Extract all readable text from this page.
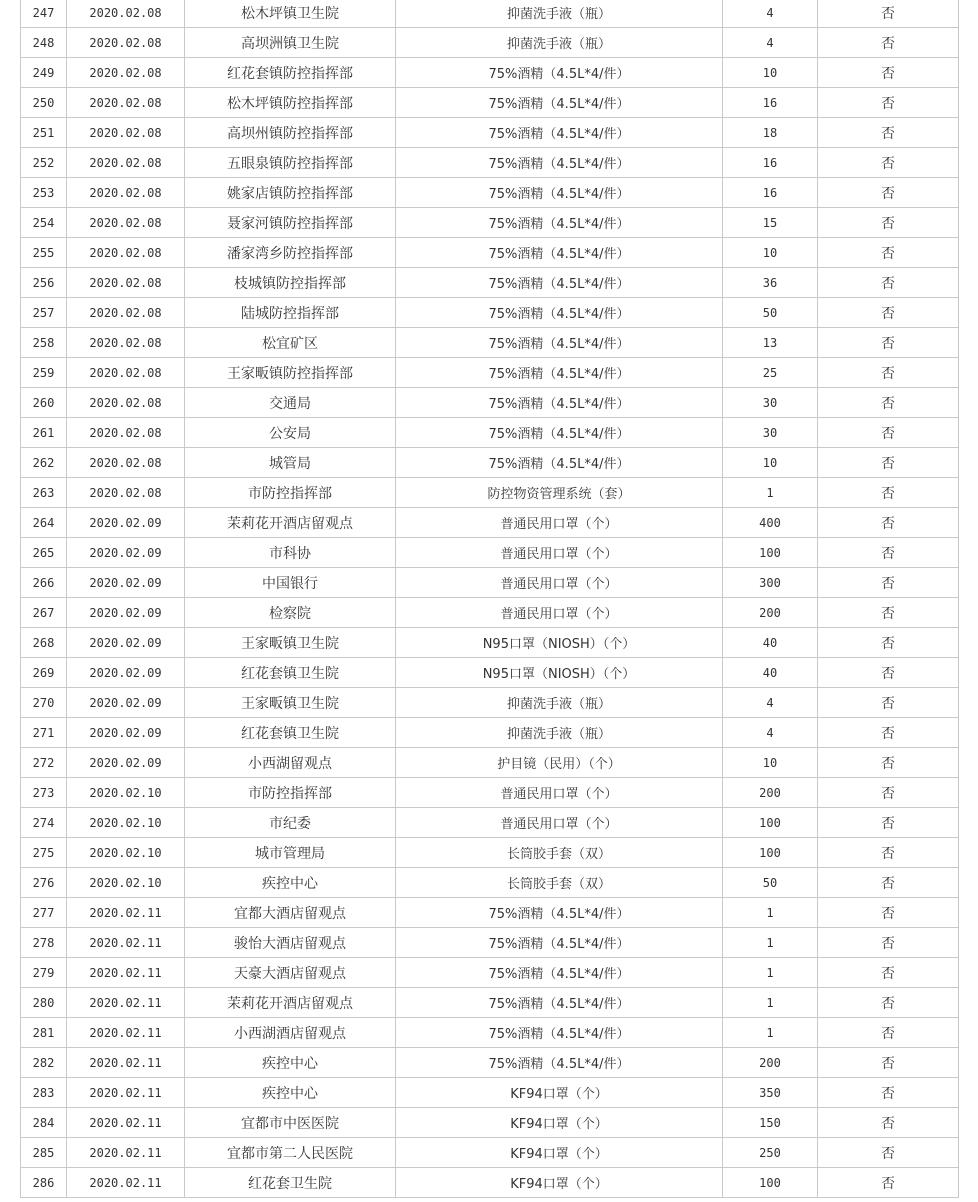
247	2020.02.08	松木坪镇卫生院	抑菌洗手液（瓶）	4	否
248	2020.02.08	高坝洲镇卫生院	抑菌洗手液（瓶）	4	否
249	2020.02.08	红花套镇防控指挥部	75%酒精（4.5L*4/件）	10	否
250	2020.02.08	松木坪镇防控指挥部	75%酒精（4.5L*4/件）	16	否
251	2020.02.08	高坝州镇防控指挥部	75%酒精（4.5L*4/件）	18	否
252	2020.02.08	五眼泉镇防控指挥部	75%酒精（4.5L*4/件）	16	否
253	2020.02.08	姚家店镇防控指挥部	75%酒精（4.5L*4/件）	16	否
254	2020.02.08	聂家河镇防控指挥部	75%酒精（4.5L*4/件）	15	否
255	2020.02.08	潘家湾乡防控指挥部	75%酒精（4.5L*4/件）	10	否
256	2020.02.08	枝城镇防控指挥部	75%酒精（4.5L*4/件）	36	否
257	2020.02.08	陆城防控指挥部	75%酒精（4.5L*4/件）	50	否
258	2020.02.08	松宜矿区	75%酒精（4.5L*4/件）	13	否
259	2020.02.08	王家畈镇防控指挥部	75%酒精（4.5L*4/件）	25	否
260	2020.02.08	交通局	75%酒精（4.5L*4/件）	30	否
261	2020.02.08	公安局	75%酒精（4.5L*4/件）	30	否
262	2020.02.08	城管局	75%酒精（4.5L*4/件）	10	否
263	2020.02.08	市防控指挥部	防控物资管理系统（套）	1	否
264	2020.02.09	茉莉花开酒店留观点	普通民用口罩（个）	400	否
265	2020.02.09	市科协	普通民用口罩（个）	100	否
266	2020.02.09	中国银行	普通民用口罩（个）	300	否
267	2020.02.09	检察院	普通民用口罩（个）	200	否
268	2020.02.09	王家畈镇卫生院	N95口罩（NIOSH）（个）	40	否
269	2020.02.09	红花套镇卫生院	N95口罩（NIOSH）（个）	40	否
270	2020.02.09	王家畈镇卫生院	抑菌洗手液（瓶）	4	否
271	2020.02.09	红花套镇卫生院	抑菌洗手液（瓶）	4	否
272	2020.02.09	小西湖留观点	护目镜（民用）（个）	10	否
273	2020.02.10	市防控指挥部	普通民用口罩（个）	200	否
274	2020.02.10	市纪委	普通民用口罩（个）	100	否
275	2020.02.10	城市管理局	长筒胶手套（双）	100	否
276	2020.02.10	疾控中心	长筒胶手套（双）	50	否
277	2020.02.11	宜都大酒店留观点	75%酒精（4.5L*4/件）	1	否
278	2020.02.11	骏怡大酒店留观点	75%酒精（4.5L*4/件）	1	否
279	2020.02.11	天豪大酒店留观点	75%酒精（4.5L*4/件）	1	否
280	2020.02.11	茉莉花开酒店留观点	75%酒精（4.5L*4/件）	1	否
281	2020.02.11	小西湖酒店留观点	75%酒精（4.5L*4/件）	1	否
282	2020.02.11	疾控中心	75%酒精（4.5L*4/件）	200	否
283	2020.02.11	疾控中心	KF94口罩（个）	350	否
284	2020.02.11	宜都市中医医院	KF94口罩（个）	150	否
285	2020.02.11	宜都市第二人民医院	KF94口罩（个）	250	否
286	2020.02.11	红花套卫生院	KF94口罩（个）	100	否
